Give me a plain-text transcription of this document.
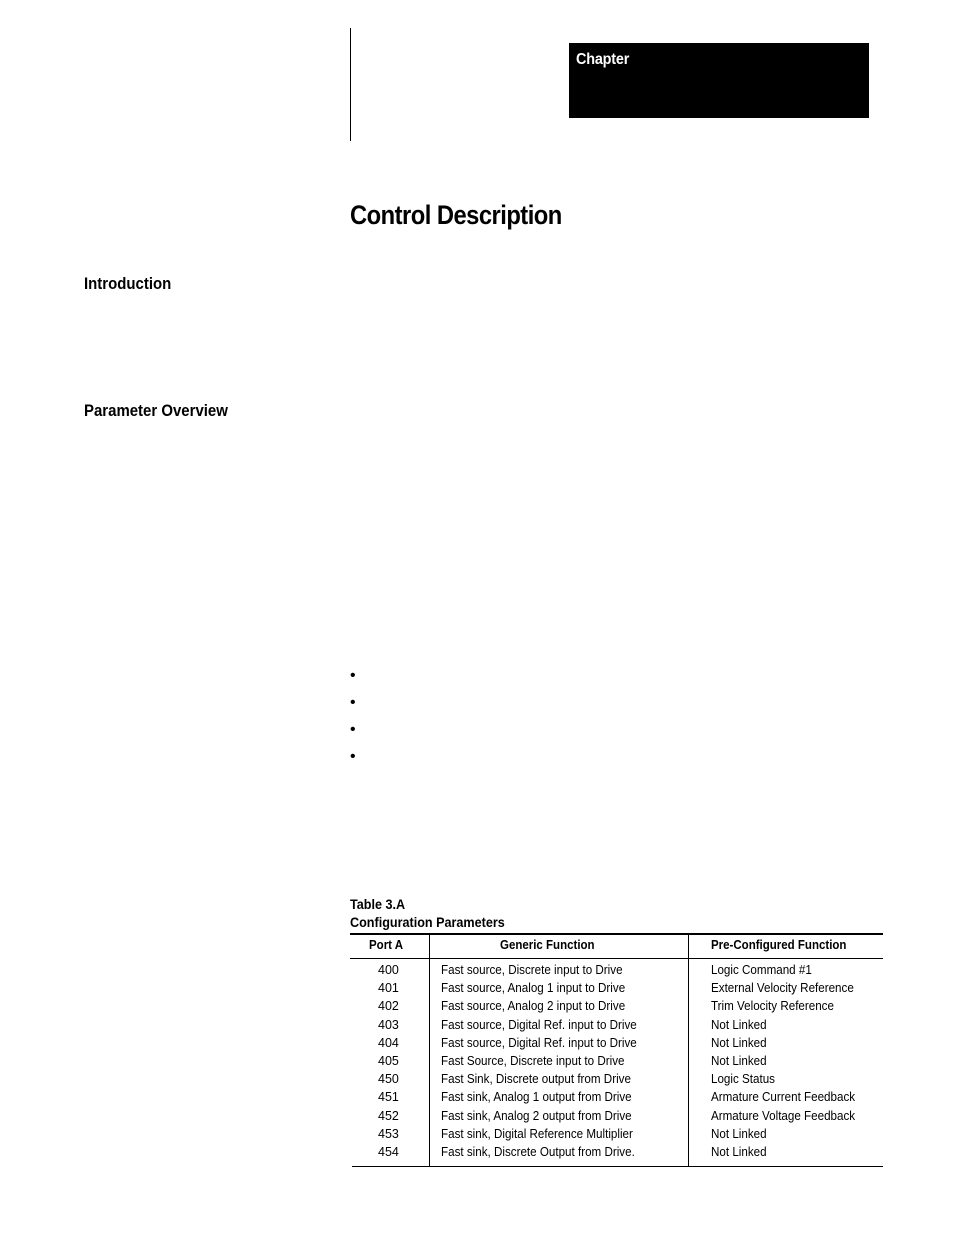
Chapter
Control Description
Introduction
Parameter Overview
•
•
•
•
Table 3.A
Configuration Parameters
Port A	Generic Function	Pre-Configured Function
400	Fast source, Discrete input to Drive	Logic Command #1
401	Fast source, Analog 1 input to Drive	External Velocity Reference
402	Fast source, Analog 2 input to Drive	Trim Velocity Reference
403	Fast source, Digital Ref. input to Drive	Not Linked
404	Fast source, Digital Ref. input to Drive	Not Linked
405	Fast Source, Discrete input to Drive	Not Linked
450	Fast Sink, Discrete output from Drive	Logic Status
451	Fast sink, Analog 1 output from Drive	Armature Current Feedback
452	Fast sink, Analog 2 output from Drive	Armature Voltage Feedback
453	Fast sink, Digital Reference Multiplier	Not Linked
454	Fast sink, Discrete Output from Drive.	Not Linked
